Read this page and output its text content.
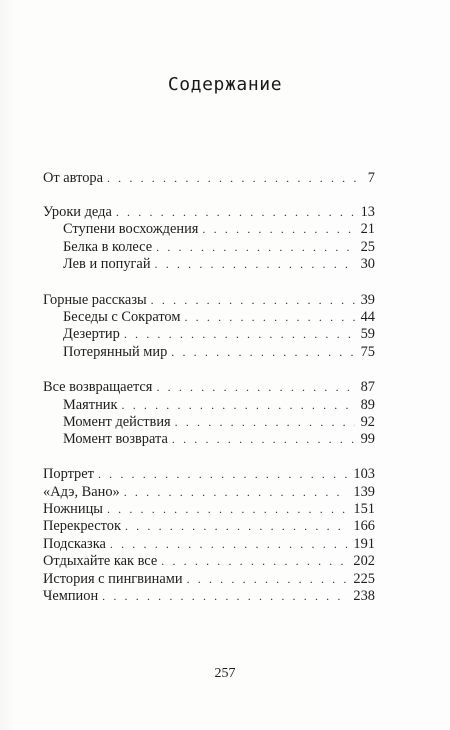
Содержание
От автора . . .	7
Уроки деда . . .	13
Ступени восхождения . . .	21
Белка в колесе . . .	25
Лев и попугай . . .	30
Горные рассказы . . .	39
Беседы с Сократом . . .	44
Дезертир . . .	59
Потерянный мир . . .	75
Все возвращается . . .	87
Маятник . . .	89
Момент действия . . .	92
Момент возврата . . .	99
Портрет . . .	103
«Адэ, Вано» . . .	139
Ножницы . . .	151
Перекресток . . .	166
Подсказка . . .	191
Отдыхайте как все . . .	202
История с пингвинами . . .	225
Чемпион . . .	238
257
